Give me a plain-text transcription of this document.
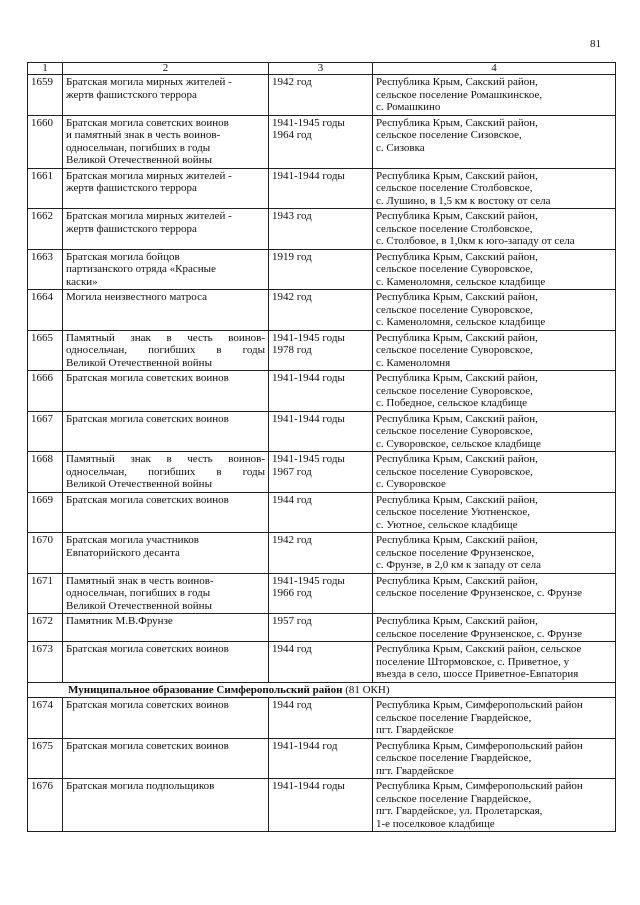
81
1	2	3	4
1659	Братская могила мирных жителей -
жертв фашистского террора	1942 год	Республика Крым, Сакский район,
сельское поселение Ромашкинское,
с. Ромашкино

1660	Братская могила советских воинов
и памятный знак в честь воинов-
односельчан, погибших в годы
Великой Отечественной войны	1941-1945 годы
1964 год	Республика Крым, Сакский район,
сельское поселение Сизовское,
с. Сизовка

1661	Братская могила мирных жителей -
жертв фашистского террора	1941-1944 годы	Республика Крым, Сакский район,
сельское поселение Столбовское,
с. Лушино, в 1,5 км к востоку от села

1662	Братская могила мирных жителей -
жертв фашистского террора	1943 год	Республика Крым, Сакский район,
сельское поселение Столбовское,
с. Столбовое, в 1,0км к юго-западу от села

1663	Братская могила бойцов
партизанского отряда «Красные
каски»	1919 год	Республика Крым, Сакский район,
сельское поселение Суворовское,
с. Каменоломня, сельское кладбище

1664	Могила неизвестного матроса	1942 год	Республика Крым, Сакский район,
сельское поселение Суворовское,
с. Каменоломня, сельское кладбище

1665	Памятный знак в честь воинов-
односельчан, погибших в годы
Великой Отечественной войны	1941-1945 годы
1978 год	Республика Крым, Сакский район,
сельское поселение Суворовское,
с. Каменоломня

1666	Братская могила советских воинов	1941-1944 годы	Республика Крым, Сакский район,
сельское поселение Суворовское,
с. Победное, сельское кладбище

1667	Братская могила советских воинов	1941-1944 годы	Республика Крым, Сакский район,
сельское поселение Суворовское,
с. Суворовское, сельское кладбище

1668	Памятный знак в честь воинов-
односельчан, погибших в годы
Великой Отечественной войны	1941-1945 годы
1967 год	Республика Крым, Сакский район,
сельское поселение Суворовское,
с. Суворовское

1669	Братская могила советских воинов	1944 год	Республика Крым, Сакский район,
сельское поселение Уютненское,
с. Уютное, сельское кладбище

1670	Братская могила участников
Евпаторийского десанта	1942 год	Республика Крым, Сакский район,
сельское поселение Фрунзенское,
с. Фрунзе, в 2,0 км к западу от села

1671	Памятный знак в честь воинов-
односельчан, погибших в годы
Великой Отечественной войны	1941-1945 годы
1966 год	Республика Крым, Сакский район,
сельское поселение Фрунзенское, с. Фрунзе

1672	Памятник М.В.Фрунзе	1957 год	Республика Крым, Сакский район,
сельское поселение Фрунзенское, с. Фрунзе

1673	Братская могила советских воинов	1944 год	Республика Крым, Сакский район, сельское
поселение Штормовское, с. Приветное, у
въезда в село, шоссе Приветное-Евпатория

Муниципальное образование Симферопольский район (81 ОКН)			
1674	Братская могила советских воинов	1944 год	Республика Крым, Симферопольский район
сельское поселение Гвардейское,
пгт. Гвардейское

1675	Братская могила советских воинов	1941-1944 год	Республика Крым, Симферопольский район
сельское поселение Гвардейское,
пгт. Гвардейское

1676	Братская могила подпольщиков	1941-1944 годы	Республика Крым, Симферопольский район
сельское поселение Гвардейское,
пгт. Гвардейское, ул. Пролетарская,
1-е поселковое кладбище
